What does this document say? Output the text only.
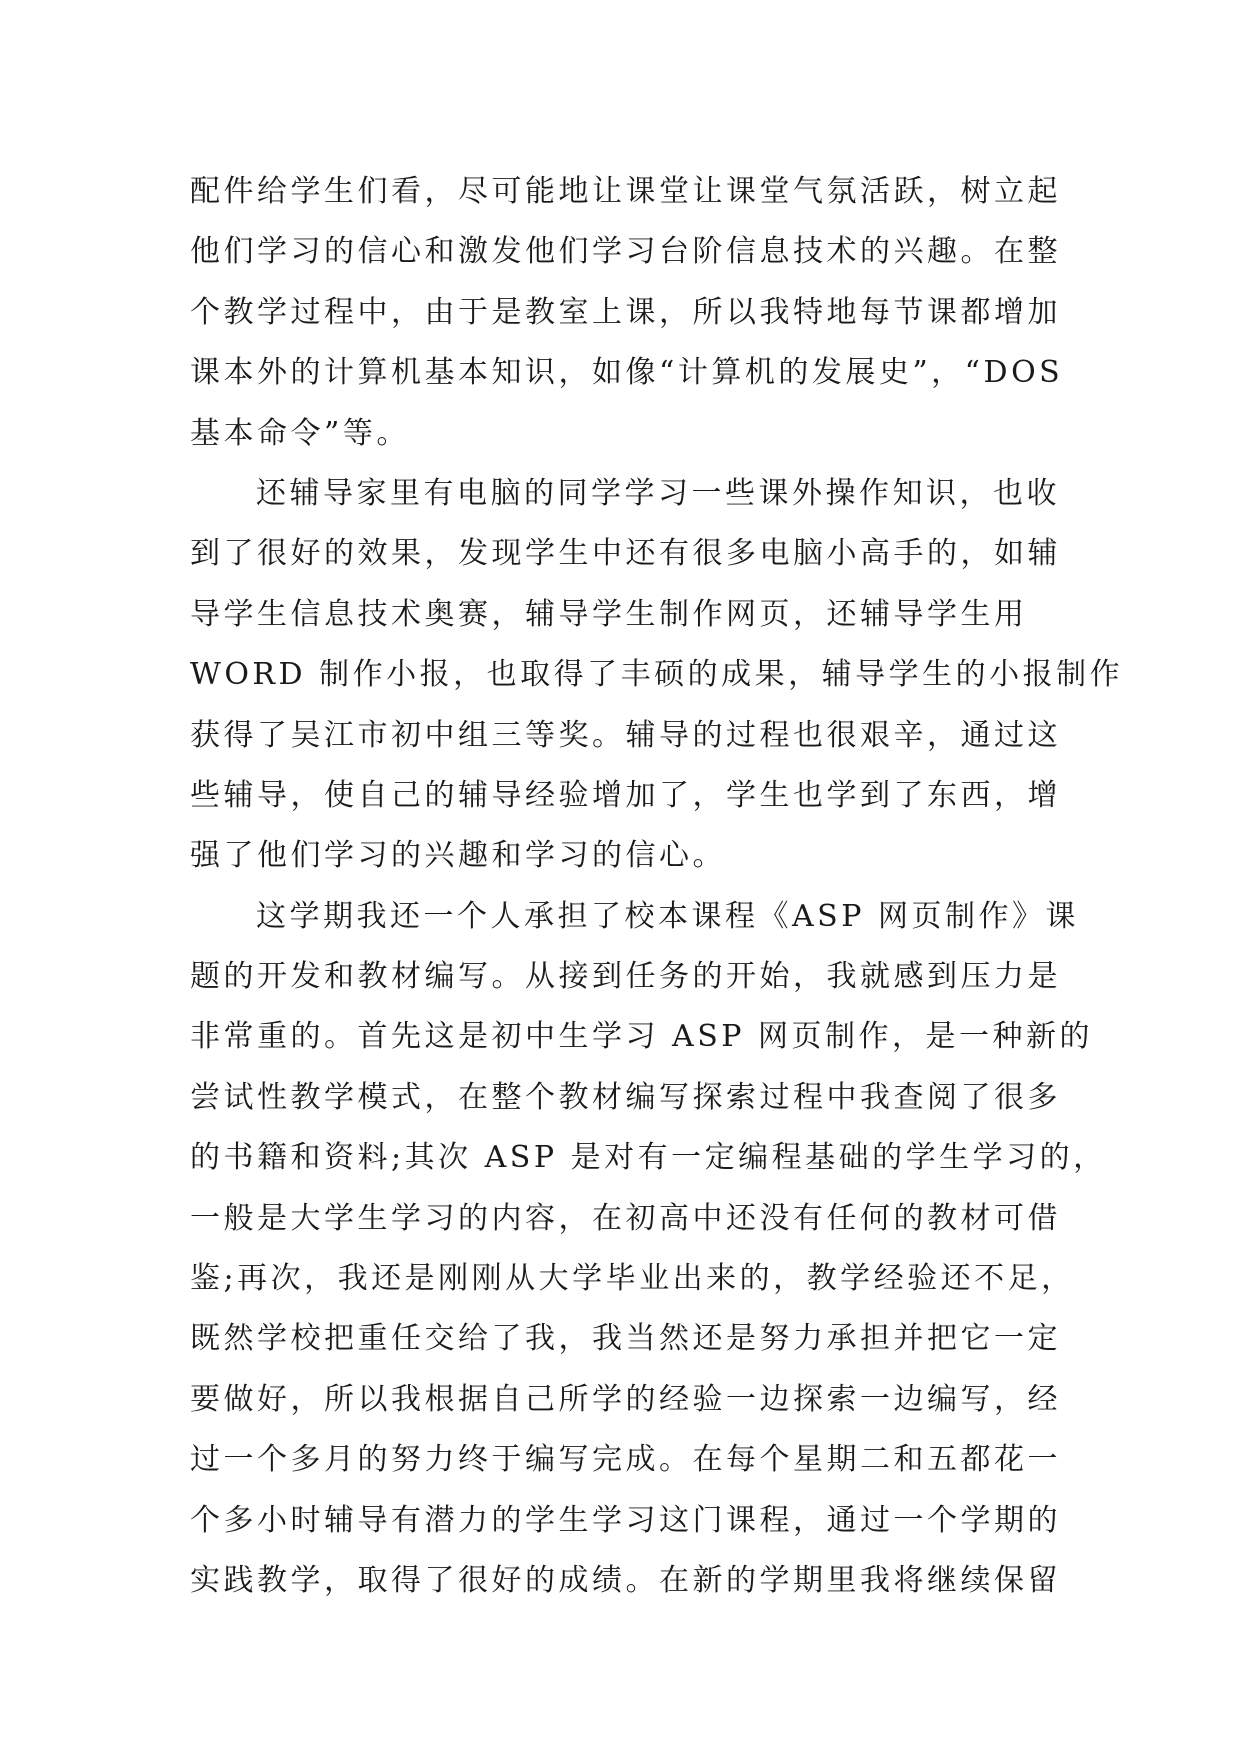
配件给学生们看，尽可能地让课堂让课堂气氛活跃，树立起
他们学习的信心和激发他们学习台阶信息技术的兴趣。在整
个教学过程中，由于是教室上课，所以我特地每节课都增加
课本外的计算机基本知识，如像“计算机的发展史”，“DOS
基本命令”等。
还辅导家里有电脑的同学学习一些课外操作知识，也收
到了很好的效果，发现学生中还有很多电脑小高手的，如辅
导学生信息技术奥赛，辅导学生制作网页，还辅导学生用
WORD 制作小报，也取得了丰硕的成果，辅导学生的小报制作
获得了吴江市初中组三等奖。辅导的过程也很艰辛，通过这
些辅导，使自己的辅导经验增加了，学生也学到了东西，增
强了他们学习的兴趣和学习的信心。
这学期我还一个人承担了校本课程《ASP 网页制作》课
题的开发和教材编写。从接到任务的开始，我就感到压力是
非常重的。首先这是初中生学习 ASP 网页制作，是一种新的
尝试性教学模式，在整个教材编写探索过程中我查阅了很多
的书籍和资料;其次 ASP 是对有一定编程基础的学生学习的，
一般是大学生学习的内容，在初高中还没有任何的教材可借
鉴;再次，我还是刚刚从大学毕业出来的，教学经验还不足，
既然学校把重任交给了我，我当然还是努力承担并把它一定
要做好，所以我根据自己所学的经验一边探索一边编写，经
过一个多月的努力终于编写完成。在每个星期二和五都花一
个多小时辅导有潜力的学生学习这门课程，通过一个学期的
实践教学，取得了很好的成绩。在新的学期里我将继续保留
